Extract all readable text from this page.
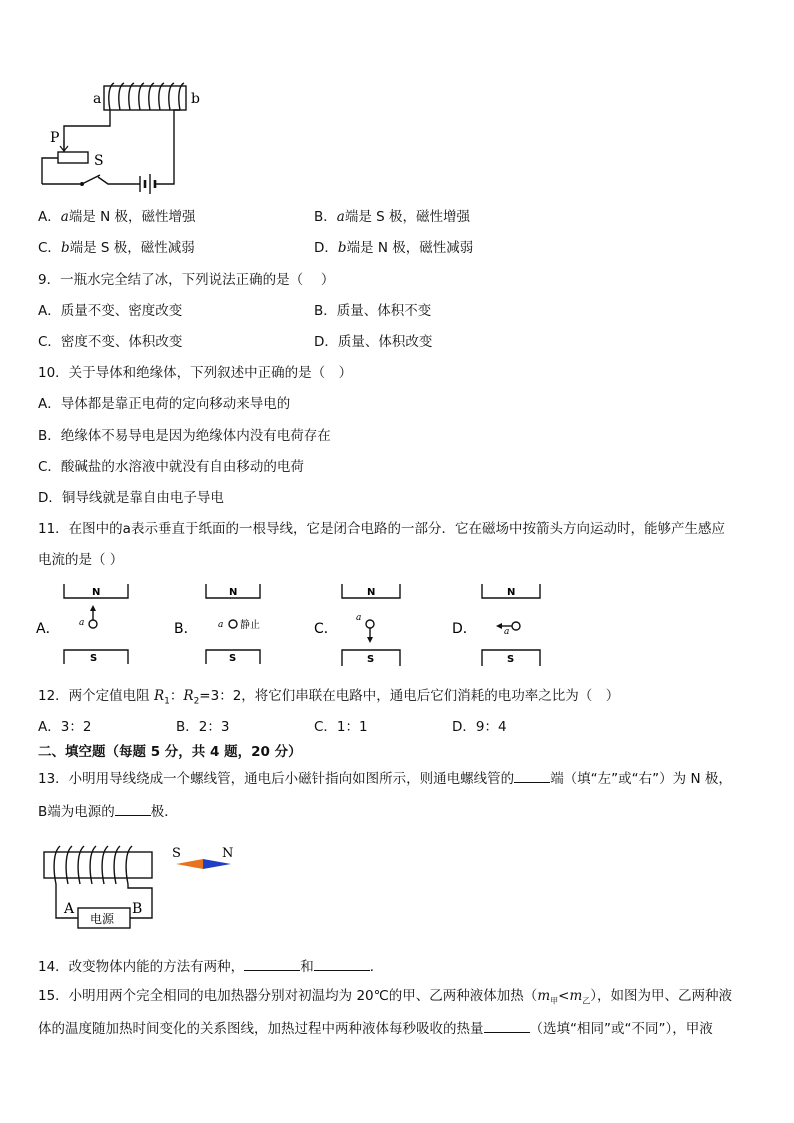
a	b
P
S
A．a端是 N 极，磁性增强	B．a端是 S 极，磁性增强
C．b端是 S 极，磁性减弱	D．b端是 N 极，磁性减弱
9．一瓶水完全结了冰，下列说法正确的是（　 ）
A．质量不变、密度改变	B．质量、体积不变
C．密度不变、体积改变	D．质量、体积改变
10．关于导体和绝缘体，下列叙述中正确的是（　）
A．导体都是靠正电荷的定向移动来导电的
B．绝缘体不易导电是因为绝缘体内没有电荷存在
C．酸碱盐的水溶液中就没有自由移动的电荷
D．铜导线就是靠自由电子导电
11．在图中的a表示垂直于纸面的一根导线，它是闭合电路的一部分．它在磁场中按箭头方向运动时，能够产生感应
电流的是（ ）
A．	B．	C．	D．
N
S
N
S
N
S
N
S
a	a 静止
a
a
12．两个定值电阻 $R_1$：$R_2=3$：2，将它们串联在电路中，通电后它们消耗的电功率之比为（　）
A．3：2	B．2：3	C．1：1	D．9：4
二、填空题（每题 5 分，共 4 题，20 分）
13．小明用导线绕成一个螺线管，通电后小磁针指向如图所示，则通电螺线管的	端（填“左”或“右”）为 N 极，
B端为电源的	极．
S	N
A	B
电源
14．改变物体内能的方法有两种，	和	．
15．小明用两个完全相同的电加热器分别对初温均为 20℃的甲、乙两种液体加热$(m_甲<m_乙)$，如图为甲、乙两种液
体的温度随加热时间变化的关系图线，加热过程中两种液体每秒吸收的热量	（选填“相同”或“不同”），甲液
